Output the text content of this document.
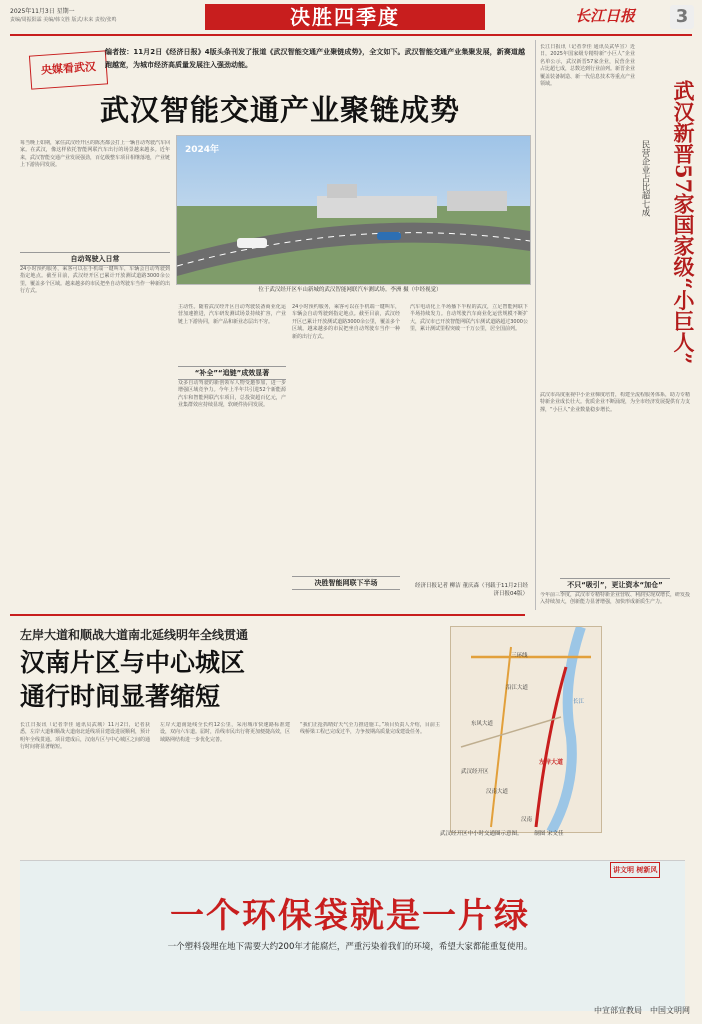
2025年11月3日 星期一
责编/周振阳霖 美编/韩文胜 版式/未来 责校/张鸣	决胜四季度	长江日报	3
央媒看武汉
编者按：11月2日《经济日报》4版头条刊发了报道《武汉智能交通产业聚链成势》，全文如下。武汉智能交通产业集聚发展，新赛道越跑越宽，为城市经济高质量发展注入强劲动能。
武汉智能交通产业聚链成势
每当晚上如期，家住武汉经开区的陈杰都会打上一辆自动驾驶汽车回家。在武汉，像这样依托智能网联汽车出行的场景越来越多。近年来，武汉智能交通产业发展强劲，百亿级整车项目相继落地，产业链上下游协同发展。
自动驾驶入日常
24小时预约服务，乘客可以在手机端一键叫车，车辆会自动驾驶到指定地点。截至目前，武汉经开区已累计开放测试道路3000余公里，覆盖多个区域。越来越多的市民把坐自动驾驶车当作一种新的出行方式。
2024年
位于武汉经开区车山新城的武汉智能网联汽车测试场。李洲 摄（中经视觉）
主动性。随着武汉经开区自动驾驶装备商业化运营加速推进，汽车研发测试场景持续扩容，产业链上下游协同，新产品和新业态层出不穷。
“补全”“追链”成效显著
众多自动驾驶的新创领军人物受邀参加，进一步增强区域竞争力。今年上半年共引进52个新能源汽车和智能网联汽车项目，总投资超百亿元，产业集群效应持续显现，软硬件协同发展。
24小时预约服务，乘客可以在手机端一键叫车，车辆会自动驾驶到指定地点。截至目前，武汉经开区已累计开放测试道路3000余公里，覆盖多个区域。越来越多的市民把坐自动驾驶车当作一种新的出行方式。
汽车电动化上半场播下半程的武汉，立足智能网联下半场持续发力。自动驾驶汽车商业化运营规模不断扩大，武汉市已开放智能网联汽车测试道路超过3000公里，累计测试里程突破一千万公里，居全国前列。
决胜智能网联下半场	经济日报记者 柳洁 董庆森（刊载于11月2日经济日报04版）
长江日报讯（记者李佳 通讯员武华宣）近日，2025年国家级专精特新“小巨人”企业名单公示，武汉新晋57家企业，民营企业占比超七成，总数达到行业前列。新晋企业覆盖装备制造、新一代信息技术等重点产业领域。	武汉新晋57家国家级“小巨人”
民营企业占比超七成
武汉市高度重视中小企业梯度培育，构建全流程服务体系，助力专精特新企业成长壮大。优质企业不断涌现，为全市经济发展提供有力支撑，“小巨人”企业数量稳步增长。
不只“吸引”，更让资本“加仓”
今年前三季度，武汉市专精特新企业营收、利润实现双增长，研发投入持续加大，创新能力显著增强，加快形成新质生产力。
左岸大道和顺战大道南北延线明年全线贯通
汉南片区与中心城区
通行时间显著缩短
长江日报讯（记者李佳 通讯员武城）11月2日，记者获悉，左岸大道和顺战大道南北延线项目建设进展顺利，预计明年全线贯通。项目建成后，汉南片区与中心城区之间的通行时间将显著缩短。
左岸大道南延线全长约12公里，采用城市快速路标准建设，双向六车道。届时，沿线市民出行将更加便捷高效，区域路网结构进一步优化完善。
“我们正抢抓晴好天气全力推进施工。”项目负责人介绍，目前主线桥梁工程已完成过半，力争按期高质量完成建设任务。
三环线
沿江大道
东风大道
汉南大道
左岸大道
长江
武汉经开区
汉南
武汉经开区中小时交通圈示意图。 制图 宋文佳
讲文明 树新风
一个环保袋就是一片绿
一个塑料袋埋在地下需要大约200年才能腐烂，严重污染着我们的环境，希望大家都能重复使用。
中宣部宣教局　中国文明网
